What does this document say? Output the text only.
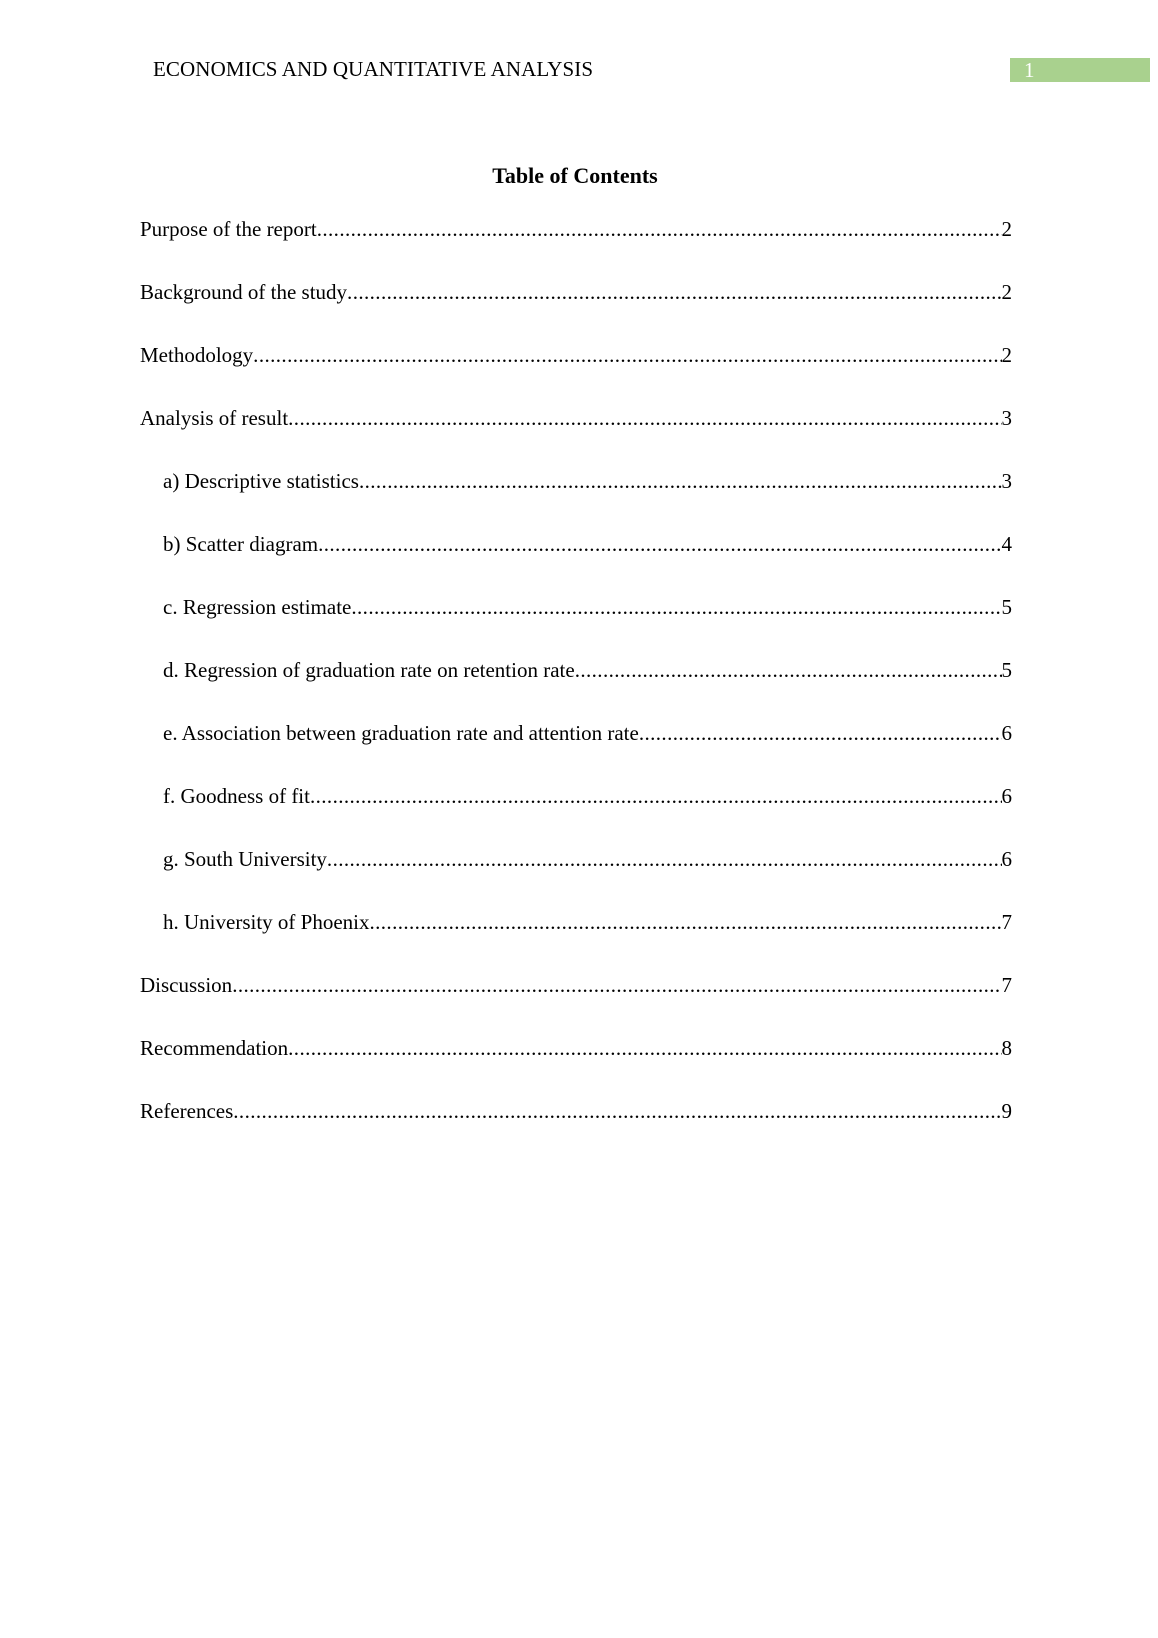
ECONOMICS AND QUANTITATIVE ANALYSIS	1
Table of Contents
Purpose of the report .....	2
Background of the study .....	2
Methodology .....	2
Analysis of result .....	3
a) Descriptive statistics .....	3
b) Scatter diagram .....	4
c. Regression estimate .....	5
d. Regression of graduation rate on retention rate .....	5
e. Association between graduation rate and attention rate .....	6
f. Goodness of fit .....	6
g. South University .....	6
h. University of Phoenix .....	7
Discussion .....	7
Recommendation .....	8
References .....	9
